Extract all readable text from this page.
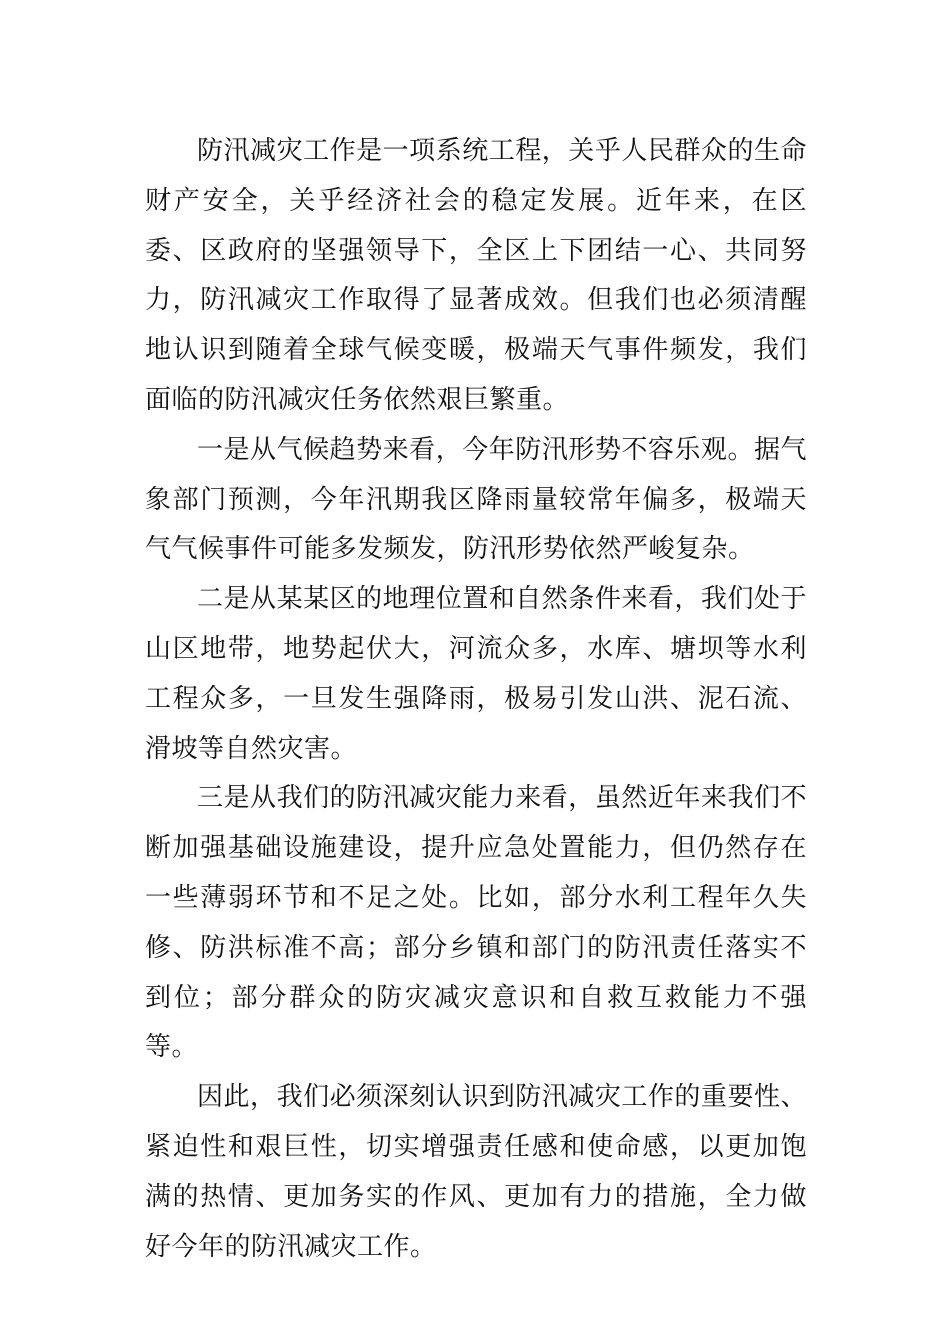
防汛减灾工作是一项系统工程，关乎人民群众的生命财产安全，关乎经济社会的稳定发展。近年来，在区委、区政府的坚强领导下，全区上下团结一心、共同努力，防汛减灾工作取得了显著成效。但我们也必须清醒地认识到随着全球气候变暖，极端天气事件频发，我们面临的防汛减灾任务依然艰巨繁重。

一是从气候趋势来看，今年防汛形势不容乐观。据气象部门预测，今年汛期我区降雨量较常年偏多，极端天气气候事件可能多发频发，防汛形势依然严峻复杂。

二是从某某区的地理位置和自然条件来看，我们处于山区地带，地势起伏大，河流众多，水库、塘坝等水利工程众多，一旦发生强降雨，极易引发山洪、泥石流、滑坡等自然灾害。

三是从我们的防汛减灾能力来看，虽然近年来我们不断加强基础设施建设，提升应急处置能力，但仍然存在一些薄弱环节和不足之处。比如，部分水利工程年久失修、防洪标准不高；部分乡镇和部门的防汛责任落实不到位；部分群众的防灾减灾意识和自救互救能力不强等。

因此，我们必须深刻认识到防汛减灾工作的重要性、紧迫性和艰巨性，切实增强责任感和使命感，以更加饱满的热情、更加务实的作风、更加有力的措施，全力做好今年的防汛减灾工作。
